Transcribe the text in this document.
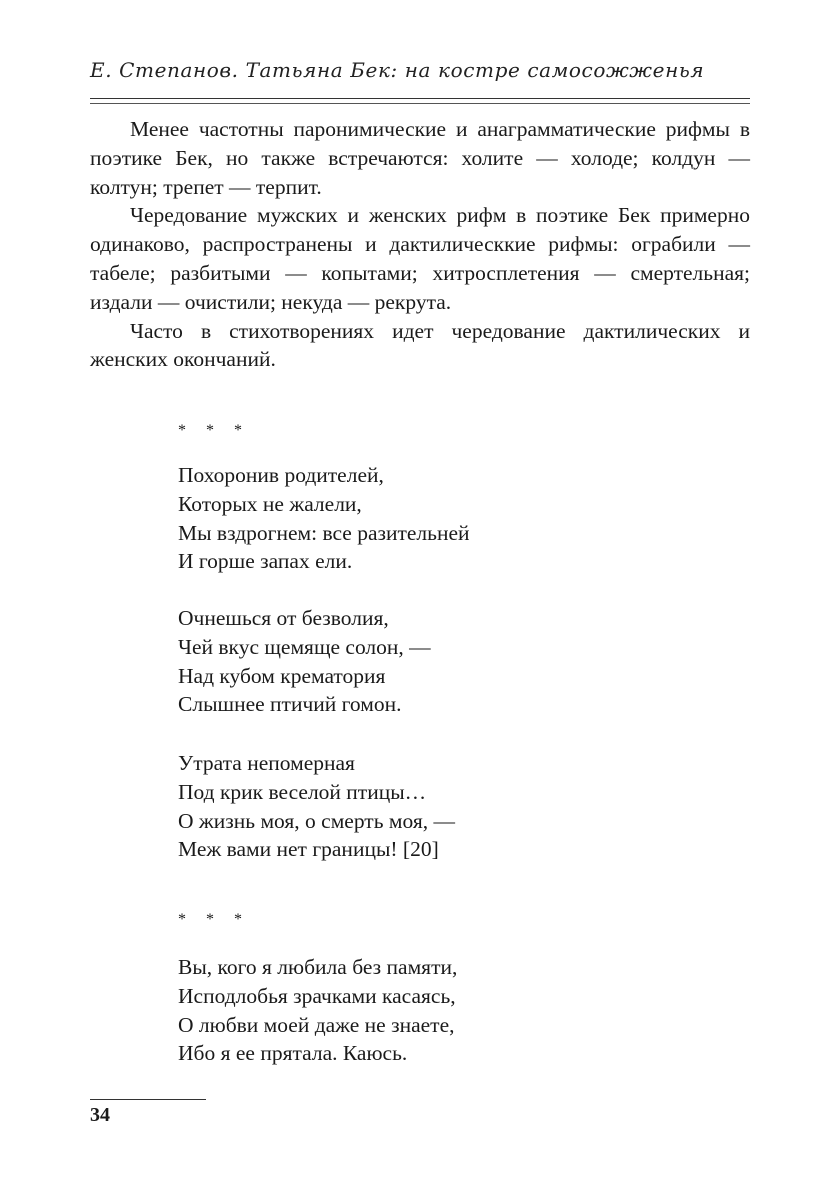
Е. Степанов. Татьяна Бек: на костре самосожженья

Менее частотны паронимические и анаграмматические рифмы в поэтике Бек, но также встречаются: холите — холоде; колдун — колтун; трепет — терпит.

Чередование мужских и женских рифм в поэтике Бек примерно одинаково, распространены и дактилическкие рифмы: ограбили — табеле; разбитыми — копытами; хитросплетения — смертельная; издали — очистили; некуда — рекрута.

Часто в стихотворениях идет чередование дактилических и женских окончаний.

* * *
Похоронив родителей,
Которых не жалели,
Мы вздрогнем: все разительней
И горше запах ели.
Очнешься от безволия,
Чей вкус щемяще солон, —
Над кубом крематория
Слышнее птичий гомон.
Утрата непомерная
Под крик веселой птицы…
О жизнь моя, о смерть моя, —
Меж вами нет границы! [20]
* * *
Вы, кого я любила без памяти,
Исподлобья зрачками касаясь,
О любви моей даже не знаете,
Ибо я ее прятала. Каюсь.
34
